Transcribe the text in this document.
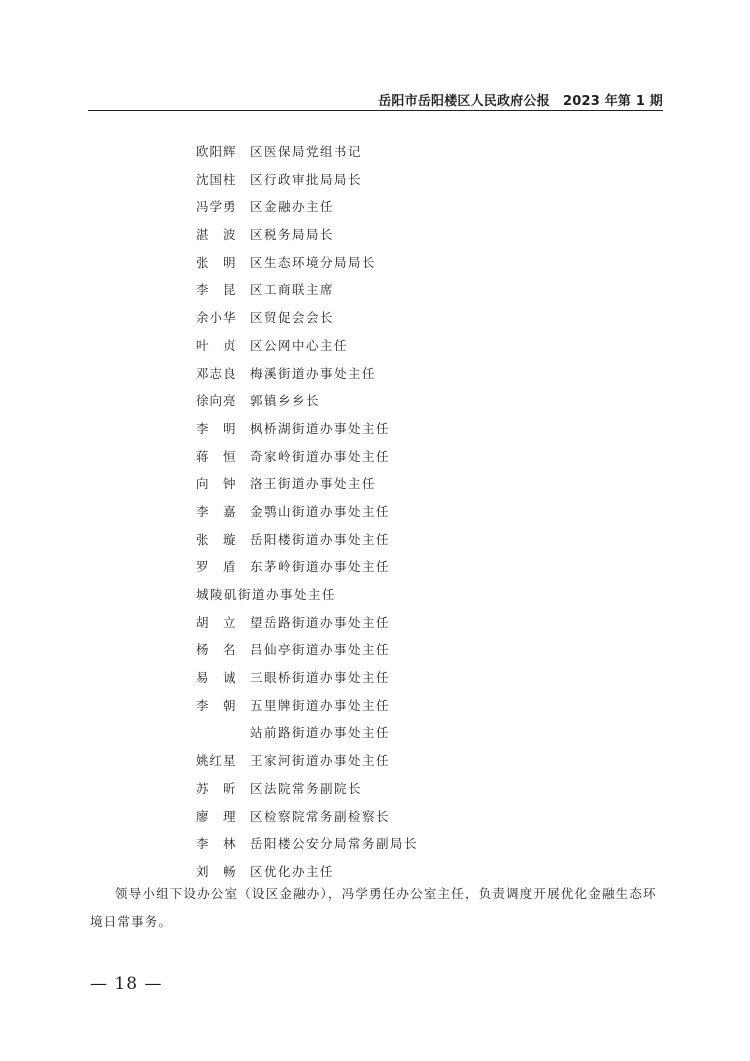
岳阳市岳阳楼区人民政府公报　2023 年第 1 期
欧阳辉 区医保局党组书记
沈国柱 区行政审批局局长
冯学勇 区金融办主任
湛　波 区税务局局长
张　明 区生态环境分局局长
李　昆 区工商联主席
余小华 区贸促会会长
叶　贞 区公网中心主任
邓志良 梅溪街道办事处主任
徐向亮 郭镇乡乡长
李　明 枫桥湖街道办事处主任
蒋　恒 奇家岭街道办事处主任
向　钟 洛王街道办事处主任
李　嘉 金鹗山街道办事处主任
张　璇 岳阳楼街道办事处主任
罗　盾 东茅岭街道办事处主任
城陵矶街道办事处主任
胡　立 望岳路街道办事处主任
杨　名 吕仙亭街道办事处主任
易　诚 三眼桥街道办事处主任
李　朝 五里牌街道办事处主任
站前路街道办事处主任
姚红星 王家河街道办事处主任
苏　昕 区法院常务副院长
廖　理 区检察院常务副检察长
李　林 岳阳楼公安分局常务副局长
刘　畅 区优化办主任

领导小组下设办公室（设区金融办），冯学勇任办公室主任，负责调度开展优化金融生态环境日常事务。

— 18 —
